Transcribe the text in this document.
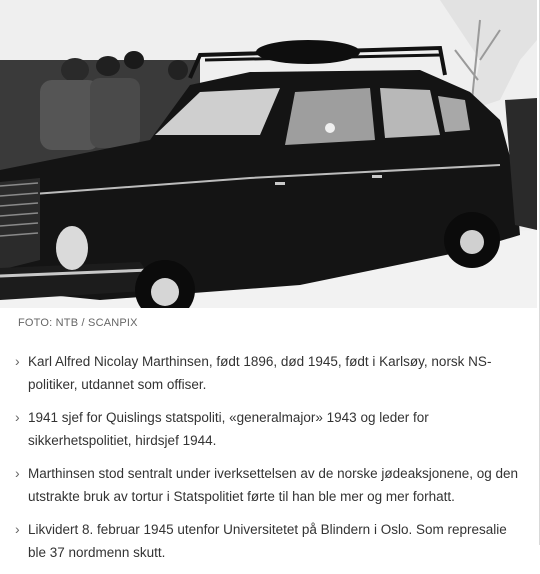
FOTO: NTB / SCANPIX
› Karl Alfred Nicolay Marthinsen, født 1896, død 1945, født i Karlsøy, norsk NS-politiker, utdannet som offiser.
› 1941 sjef for Quislings statspoliti, «generalmajor» 1943 og leder for sikkerhetspolitiet, hirdsjef 1944.
› Marthinsen stod sentralt under iverksettelsen av de norske jødeaksjonene, og den utstrakte bruk av tortur i Statspolitiet førte til han ble mer og mer forhatt.
› Likvidert 8. februar 1945 utenfor Universitetet på Blindern i Oslo. Som represalie ble 37 nordmenn skutt.
